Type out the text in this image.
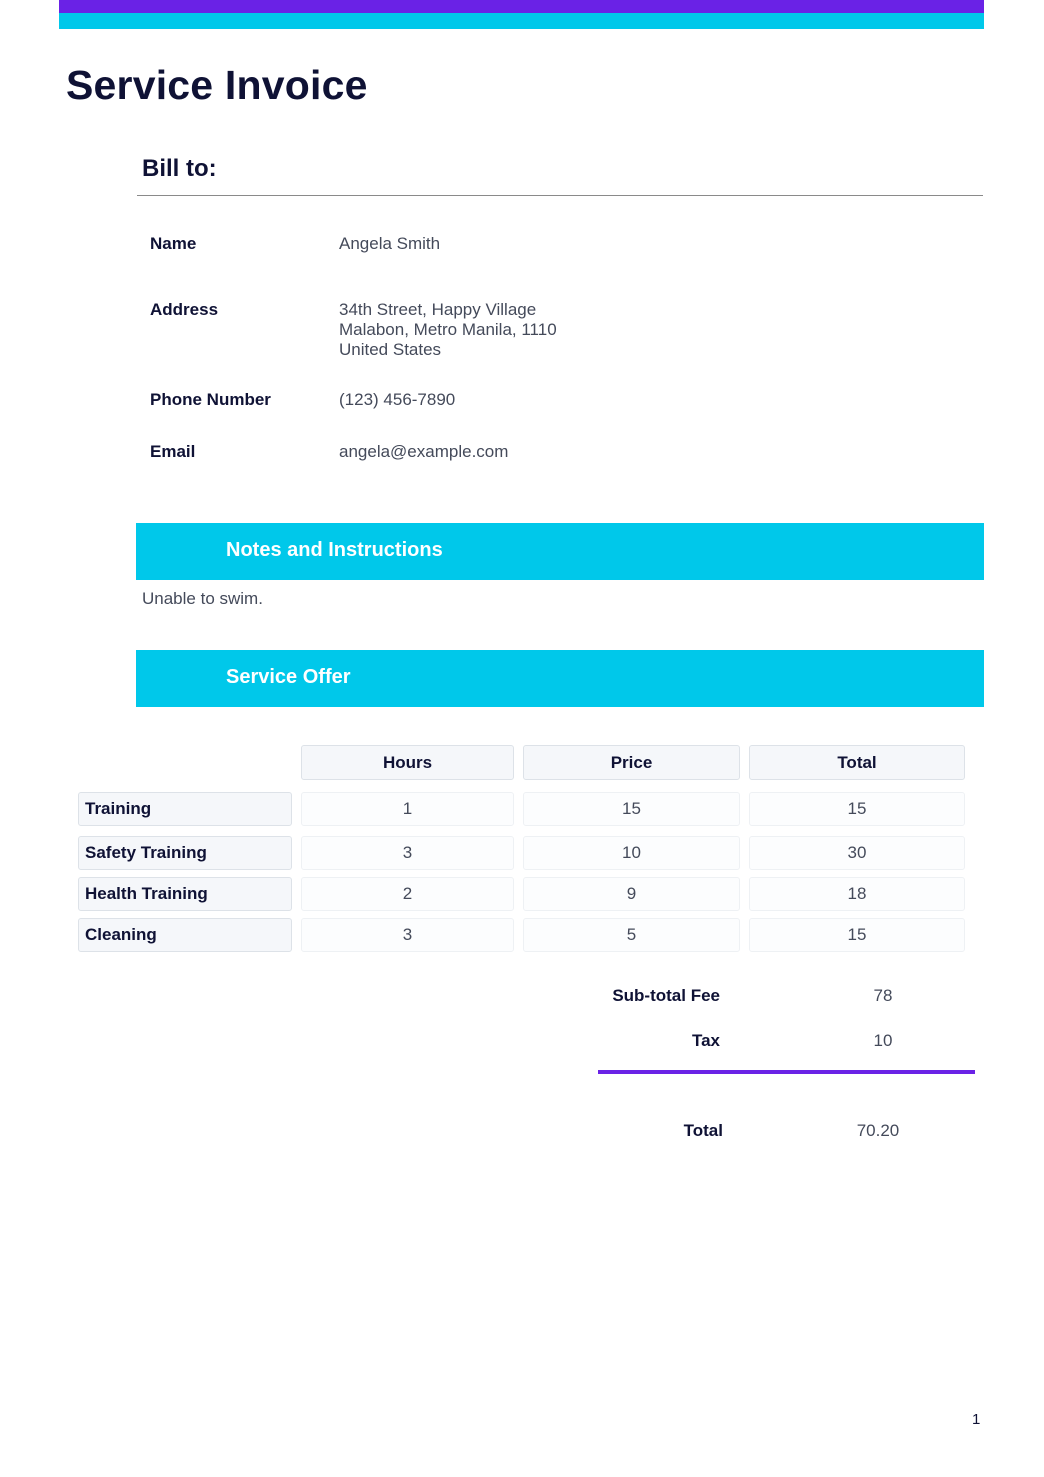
Service Invoice
Bill to:
Name	Angela Smith
Address	34th Street, Happy Village
Malabon, Metro Manila, 1110
United States
Phone Number	(123) 456-7890
Email	angela@example.com
Notes and Instructions
Unable to swim.
Service Offer
Hours	Price	Total
Training	1	15	15
Safety Training	3	10	30
Health Training	2	9	18
Cleaning	3	5	15
Sub-total Fee	78
Tax	10
Total	70.20
1
